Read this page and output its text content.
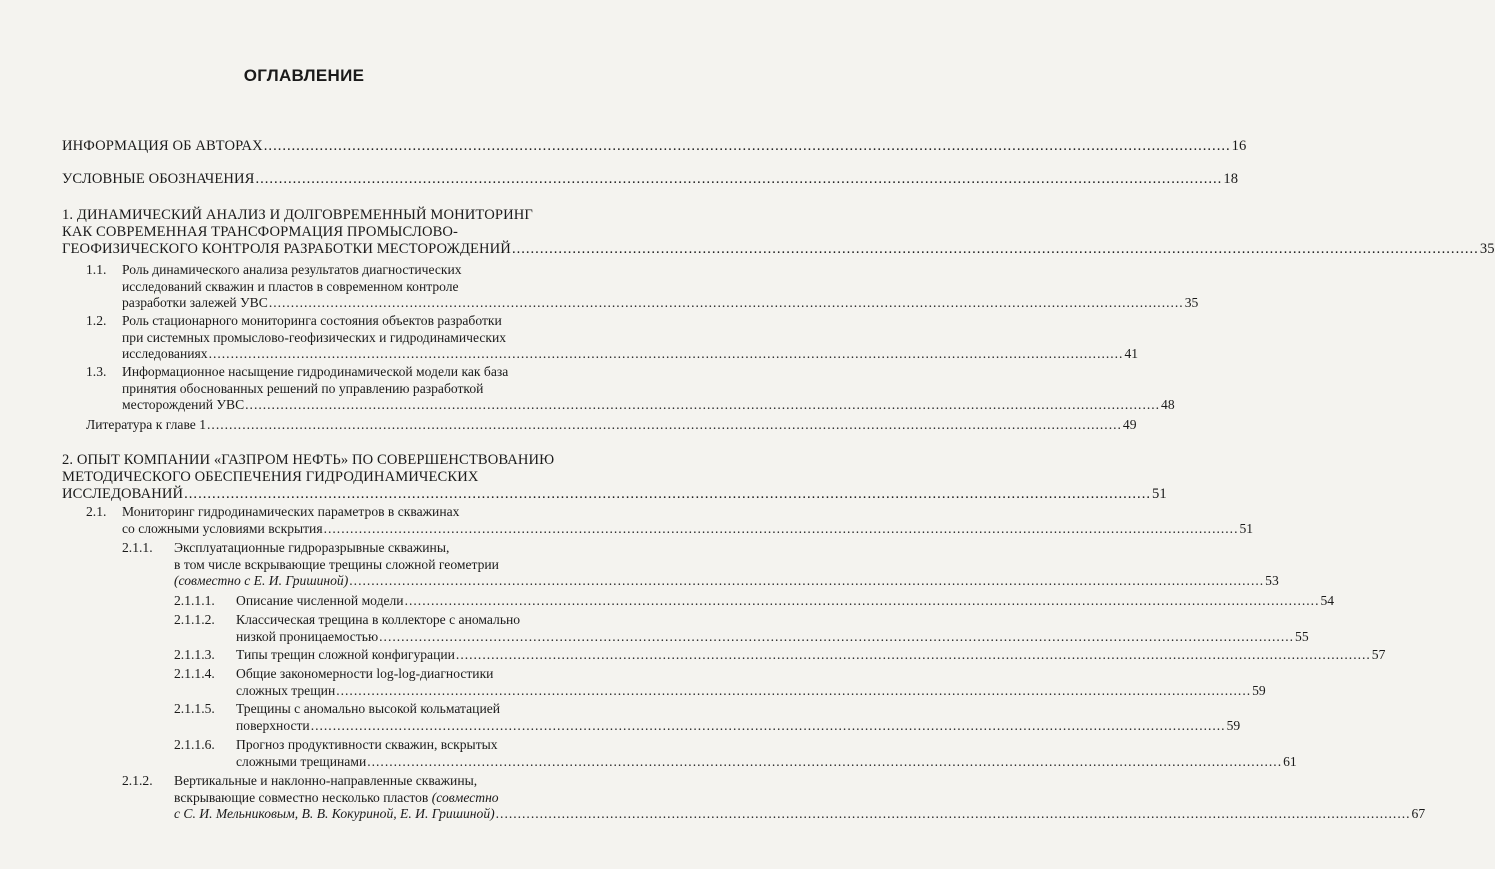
ОГЛАВЛЕНИЕ
ИНФОРМАЦИЯ ОБ АВТОРАХ .....	16
УСЛОВНЫЕ ОБОЗНАЧЕНИЯ .....	18
1. ДИНАМИЧЕСКИЙ АНАЛИЗ И ДОЛГОВРЕМЕННЫЙ МОНИТОРИНГ
КАК СОВРЕМЕННАЯ ТРАНСФОРМАЦИЯ ПРОМЫСЛОВО-
ГЕОФИЗИЧЕСКОГО КОНТРОЛЯ РАЗРАБОТКИ МЕСТОРОЖДЕНИЙ .....	35
1.1. Роль динамического анализа результатов диагностических
исследований скважин и пластов в современном контроле
разработки залежей УВС .....	35
1.2. Роль стационарного мониторинга состояния объектов разработки
при системных промыслово-геофизических и гидродинамических
исследованиях .....	41
1.3. Информационное насыщение гидродинамической модели как база
принятия обоснованных решений по управлению разработкой
месторождений УВС .....	48
Литература к главе 1 .....	49
2. ОПЫТ КОМПАНИИ «ГАЗПРОМ НЕФТЬ» ПО СОВЕРШЕНСТВОВАНИЮ
МЕТОДИЧЕСКОГО ОБЕСПЕЧЕНИЯ ГИДРОДИНАМИЧЕСКИХ
ИССЛЕДОВАНИЙ .....	51
2.1. Мониторинг гидродинамических параметров в скважинах
со сложными условиями вскрытия .....	51
2.1.1. Эксплуатационные гидроразрывные скважины,
в том числе вскрывающие трещины сложной геометрии
(совместно с Е. И. Гришиной) .....	53
2.1.1.1. Описание численной модели .....	54
2.1.1.2. Классическая трещина в коллекторе с аномально
низкой проницаемостью .....	55
2.1.1.3. Типы трещин сложной конфигурации .....	57
2.1.1.4. Общие закономерности log-log-диагностики
сложных трещин .....	59
2.1.1.5. Трещины с аномально высокой кольматацией
поверхности .....	59
2.1.1.6. Прогноз продуктивности скважин, вскрытых
сложными трещинами .....	61
2.1.2. Вертикальные и наклонно-направленные скважины,
вскрывающие совместно несколько пластов
(совместно
с С. И. Мельниковым, В. В. Кокуриной, Е. И. Гришиной) .....	67
